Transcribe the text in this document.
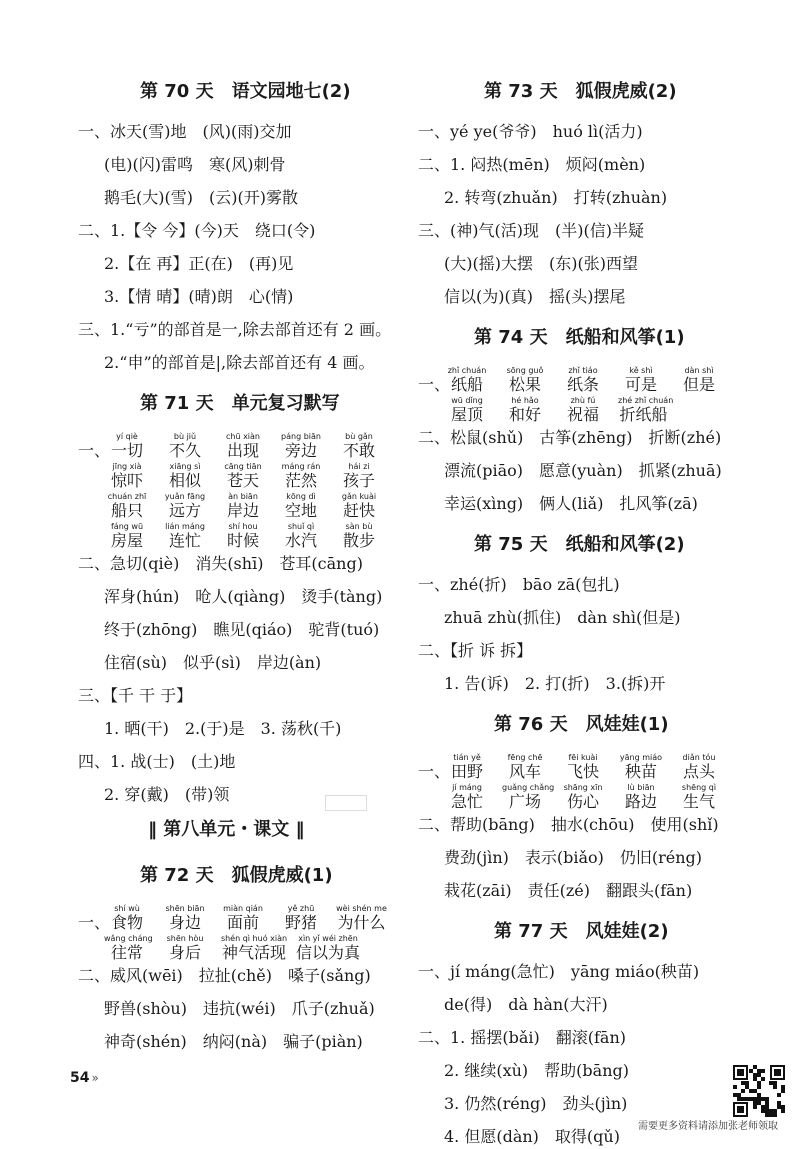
第 70 天　语文园地七(2)
一、冰天(雪)地　(风)(雨)交加
(电)(闪)雷鸣　寒(风)刺骨
鹅毛(大)(雪)　(云)(开)雾散
二、1.【令 今】(今)天　绕口(令)
2.【在 再】正(在)　(再)见
3.【情 晴】(晴)朗　心(情)
三、1.“亏”的部首是一,除去部首还有 2 画。
2.“申”的部首是|,除去部首还有 4 画。
第 71 天　单元复习默写
一、
yí qiè
一切
bù jiǔ
不久
chū xiàn
出现
páng biān
旁边
bù gǎn
不敢
jīng xià
惊吓
xiāng sì
相似
cāng tiān
苍天
máng rán
茫然
hái zi
孩子
chuán zhī
船只
yuǎn fāng
远方
àn biān
岸边
kōng dì
空地
gǎn kuài
赶快
fáng wū
房屋
lián máng
连忙
shí hou
时候
shuǐ qì
水汽
sàn bù
散步
二、急切(qiè)　消失(shī)　苍耳(cāng)
浑身(hún)　呛人(qiàng)　烫手(tàng)
终于(zhōng)　瞧见(qiáo)　驼背(tuó)
住宿(sù)　似乎(sì)　岸边(àn)
三、【千 干 于】
1. 晒(干)　2.(于)是　3. 荡秋(千)
四、1. 战(士)　(土)地
2. 穿(戴)　(带)领
‖ 第八单元・课文 ‖
第 72 天　狐假虎威(1)
一、
shí wù
食物
shēn biān
身边
miàn qián
面前
yě zhū
野猪
wèi shén me
为什么
wǎng cháng
往常
shēn hòu
身后
shén qì huó xiàn
神气活现
xìn yǐ wéi zhēn
信以为真
二、威风(wēi)　拉扯(chě)　嗓子(sǎng)
野兽(shòu)　违抗(wéi)　爪子(zhuǎ)
神奇(shén)　纳闷(nà)　骗子(piàn)
第 73 天　狐假虎威(2)
一、yé ye(爷爷)　huó lì(活力)
二、1. 闷热(mēn)　烦闷(mèn)
2. 转弯(zhuǎn)　打转(zhuàn)
三、(神)气(活)现　(半)(信)半疑
(大)(摇)大摆　(东)(张)西望
信以(为)(真)　摇(头)摆尾
第 74 天　纸船和风筝(1)
一、
zhǐ chuán
纸船
sōng guǒ
松果
zhǐ tiáo
纸条
kě shì
可是
dàn shì
但是
wū dǐng
屋顶
hé hǎo
和好
zhù fú
祝福
zhé zhǐ chuán
折纸船
二、松鼠(shǔ)　古筝(zhēng)　折断(zhé)
漂流(piāo)　愿意(yuàn)　抓紧(zhuā)
幸运(xìng)　俩人(liǎ)　扎风筝(zā)
第 75 天　纸船和风筝(2)
一、zhé(折)　bāo zā(包扎)
zhuā zhù(抓住)　dàn shì(但是)
二、【折 诉 拆】
1. 告(诉)　2. 打(折)　3.(拆)开
第 76 天　风娃娃(1)
一、
tián yě
田野
fēng chē
风车
fēi kuài
飞快
yāng miáo
秧苗
diǎn tóu
点头
jí máng
急忙
guǎng chǎng
广场
shāng xīn
伤心
lù biān
路边
shēng qì
生气
二、帮助(bāng)　抽水(chōu)　使用(shǐ)
费劲(jìn)　表示(biǎo)　仍旧(réng)
栽花(zāi)　责任(zé)　翻跟头(fān)
第 77 天　风娃娃(2)
一、jí máng(急忙)　yāng miáo(秧苗)
de(得)　dà hàn(大汗)
二、1. 摇摆(bǎi)　翻滚(fān)
2. 继续(xù)　帮助(bāng)
3. 仍然(réng)　劲头(jìn)
4. 但愿(dàn)　取得(qǔ)
54 »
需要更多资料请添加张老师领取
